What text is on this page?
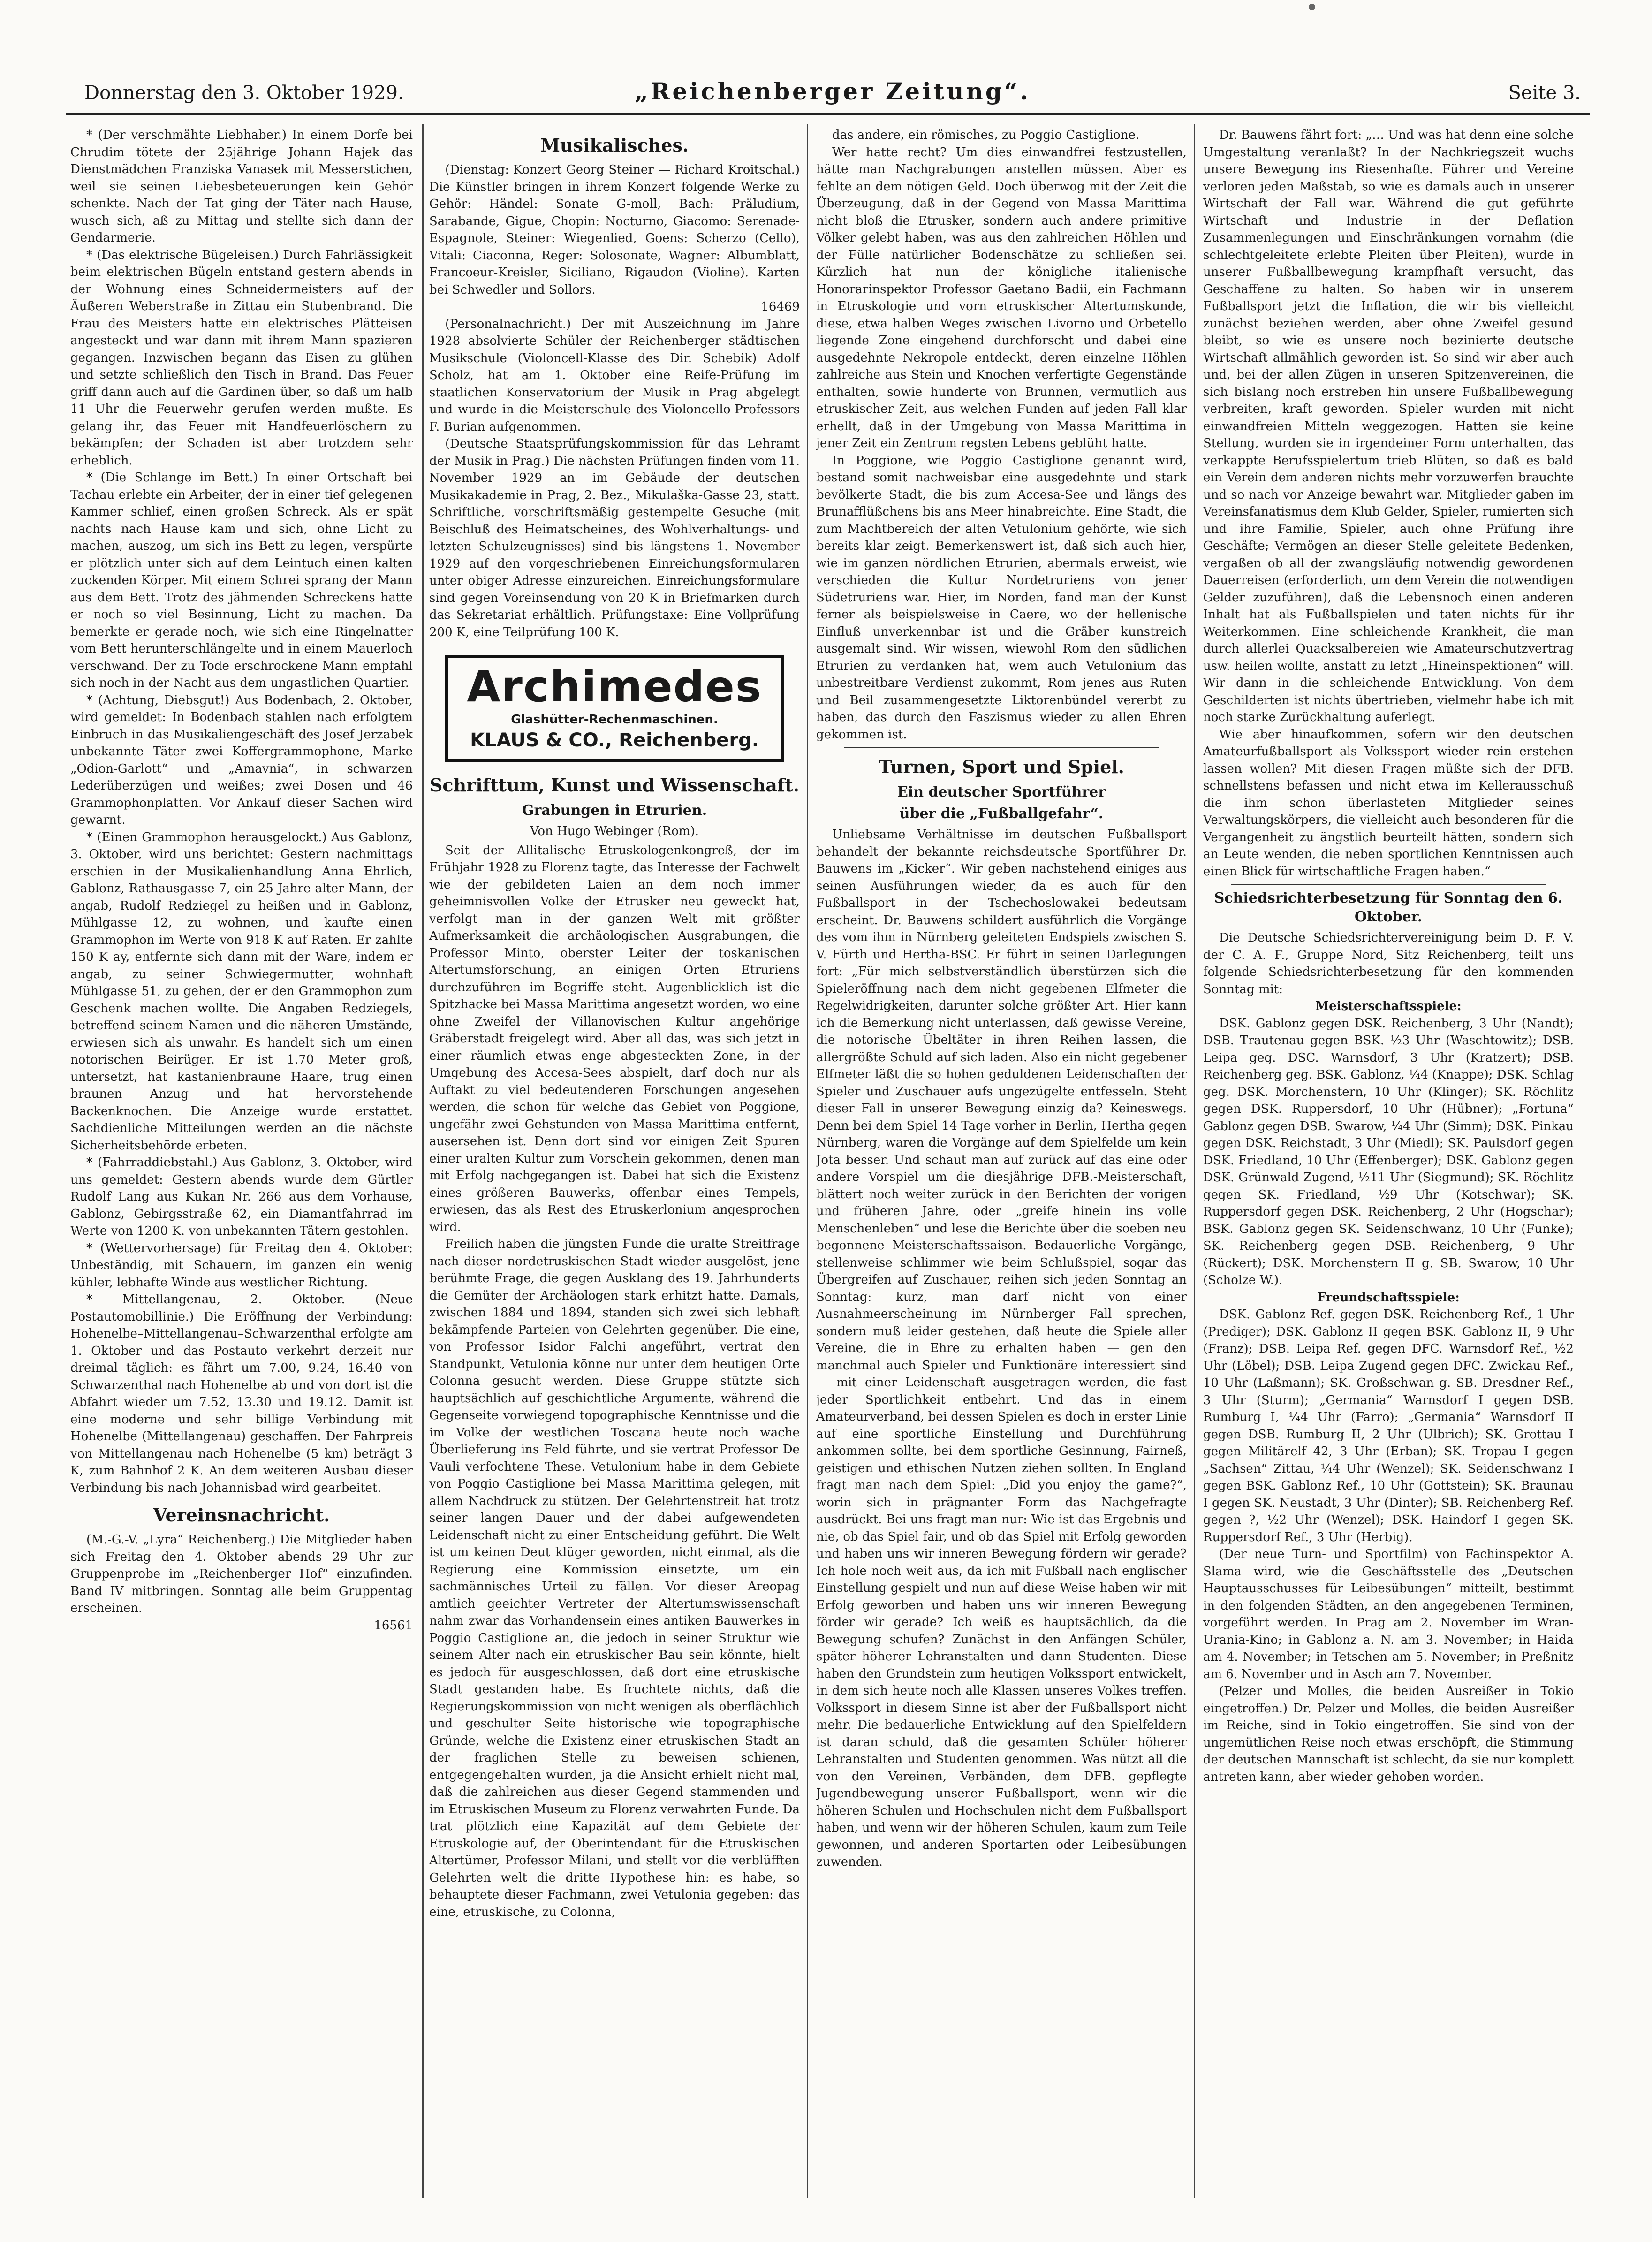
Donnerstag den 3. Oktober 1929.	„Reichenberger Zeitung“.	Seite 3.

* (Der verschmähte Liebhaber.) In einem Dorfe bei Chrudim tötete der 25jährige Johann Hajek das Dienstmädchen Franziska Vanasek mit Messerstichen, weil sie seinen Liebesbeteuerungen kein Gehör schenkte. Nach der Tat ging der Täter nach Hause, wusch sich, aß zu Mittag und stellte sich dann der Gendarmerie.

* (Das elektrische Bügeleisen.) Durch Fahrlässigkeit beim elektrischen Bügeln entstand gestern abends in der Wohnung eines Schneidermeisters auf der Äußeren Weberstraße in Zittau ein Stubenbrand. Die Frau des Meisters hatte ein elektrisches Plätteisen angesteckt und war dann mit ihrem Mann spazieren gegangen. Inzwischen begann das Eisen zu glühen und setzte schließlich den Tisch in Brand. Das Feuer griff dann auch auf die Gardinen über, so daß um halb 11 Uhr die Feuerwehr gerufen werden mußte. Es gelang ihr, das Feuer mit Handfeuerlöschern zu bekämpfen; der Schaden ist aber trotzdem sehr erheblich.

* (Die Schlange im Bett.) In einer Ortschaft bei Tachau erlebte ein Arbeiter, der in einer tief gelegenen Kammer schlief, einen großen Schreck. Als er spät nachts nach Hause kam und sich, ohne Licht zu machen, auszog, um sich ins Bett zu legen, verspürte er plötzlich unter sich auf dem Leintuch einen kalten zuckenden Körper. Mit einem Schrei sprang der Mann aus dem Bett. Trotz des jähmenden Schreckens hatte er noch so viel Besinnung, Licht zu machen. Da bemerkte er gerade noch, wie sich eine Ringelnatter vom Bett herunterschlängelte und in einem Mauerloch verschwand. Der zu Tode erschrockene Mann empfahl sich noch in der Nacht aus dem ungastlichen Quartier.

* (Achtung, Diebsgut!) Aus Bodenbach, 2. Oktober, wird gemeldet: In Bodenbach stahlen nach erfolgtem Einbruch in das Musikaliengeschäft des Josef Jerzabek unbekannte Täter zwei Koffergrammophone, Marke „Odion-Garlott“ und „Amavnia“, in schwarzen Lederüberzügen und weißes; zwei Dosen und 46 Grammophonplatten. Vor Ankauf dieser Sachen wird gewarnt.

* (Einen Grammophon herausgelockt.) Aus Gablonz, 3. Oktober, wird uns berichtet: Gestern nachmittags erschien in der Musikalienhandlung Anna Ehrlich, Gablonz, Rathausgasse 7, ein 25 Jahre alter Mann, der angab, Rudolf Redziegel zu heißen und in Gablonz, Mühlgasse 12, zu wohnen, und kaufte einen Grammophon im Werte von 918 K auf Raten. Er zahlte 150 K ay, entfernte sich dann mit der Ware, indem er angab, zu seiner Schwiegermutter, wohnhaft Mühlgasse 51, zu gehen, der er den Grammophon zum Geschenk machen wollte. Die Angaben Redziegels, betreffend seinem Namen und die näheren Umstände, erwiesen sich als unwahr. Es handelt sich um einen notorischen Beirüger. Er ist 1.70 Meter groß, untersetzt, hat kastanienbraune Haare, trug einen braunen Anzug und hat hervorstehende Backenknochen. Die Anzeige wurde erstattet. Sachdienliche Mitteilungen werden an die nächste Sicherheitsbehörde erbeten.

* (Fahrraddiebstahl.) Aus Gablonz, 3. Oktober, wird uns gemeldet: Gestern abends wurde dem Gürtler Rudolf Lang aus Kukan Nr. 266 aus dem Vorhause, Gablonz, Gebirgsstraße 62, ein Diamantfahrrad im Werte von 1200 K. von unbekannten Tätern gestohlen.

* (Wettervorhersage) für Freitag den 4. Oktober: Unbeständig, mit Schauern, im ganzen ein wenig kühler, lebhafte Winde aus westlicher Richtung.

* Mittellangenau, 2. Oktober. (Neue Postautomobillinie.) Die Eröffnung der Verbindung: Hohenelbe–Mittellangenau–Schwarzenthal erfolgte am 1. Oktober und das Postauto verkehrt derzeit nur dreimal täglich: es fährt um 7.00, 9.24, 16.40 von Schwarzenthal nach Hohenelbe ab und von dort ist die Abfahrt wieder um 7.52, 13.30 und 19.12. Damit ist eine moderne und sehr billige Verbindung mit Hohenelbe (Mittellangenau) geschaffen. Der Fahrpreis von Mittellangenau nach Hohenelbe (5 km) beträgt 3 K, zum Bahnhof 2 K. An dem weiteren Ausbau dieser Verbindung bis nach Johannisbad wird gearbeitet.

Vereinsnachricht.

(M.-G.-V. „Lyra“ Reichenberg.) Die Mitglieder haben sich Freitag den 4. Oktober abends 29 Uhr zur Gruppenprobe im „Reichenberger Hof“ einzufinden. Band IV mitbringen. Sonntag alle beim Gruppentag erscheinen.

16561

Musikalisches.

(Dienstag: Konzert Georg Steiner — Richard Kroitschal.) Die Künstler bringen in ihrem Konzert folgende Werke zu Gehör: Händel: Sonate G-moll, Bach: Präludium, Sarabande, Gigue, Chopin: Nocturno, Giacomo: Serenade-Espagnole, Steiner: Wiegenlied, Goens: Scherzo (Cello), Vitali: Ciaconna, Reger: Solosonate, Wagner: Albumblatt, Francoeur-Kreisler, Siciliano, Rigaudon (Violine). Karten bei Schwedler und Sollors.

16469

(Personalnachricht.) Der mit Auszeichnung im Jahre 1928 absolvierte Schüler der Reichenberger städtischen Musikschule (Violoncell-Klasse des Dir. Schebik) Adolf Scholz, hat am 1. Oktober eine Reife-Prüfung im staatlichen Konservatorium der Musik in Prag abgelegt und wurde in die Meisterschule des Violoncello-Professors F. Burian aufgenommen.

(Deutsche Staatsprüfungskommission für das Lehramt der Musik in Prag.) Die nächsten Prüfungen finden vom 11. November 1929 an im Gebäude der deutschen Musikakademie in Prag, 2. Bez., Mikulaška-Gasse 23, statt. Schriftliche, vorschriftsmäßig gestempelte Gesuche (mit Beischluß des Heimatscheines, des Wohlverhaltungs- und letzten Schulzeugnisses) sind bis längstens 1. November 1929 auf den vorgeschriebenen Einreichungsformularen unter obiger Adresse einzureichen. Einreichungsformulare sind gegen Voreinsendung von 20 K in Briefmarken durch das Sekretariat erhältlich. Prüfungstaxe: Eine Vollprüfung 200 K, eine Teilprüfung 100 K.

Archimedes
Glashütter-Rechenmaschinen.
KLAUS & CO., Reichenberg.

Schrifttum, Kunst und Wissenschaft.

Grabungen in Etrurien.

Von Hugo Webinger (Rom).

Seit der Allitalische Etruskologenkongreß, der im Frühjahr 1928 zu Florenz tagte, das Interesse der Fachwelt wie der gebildeten Laien an dem noch immer geheimnisvollen Volke der Etrusker neu geweckt hat, verfolgt man in der ganzen Welt mit größter Aufmerksamkeit die archäologischen Ausgrabungen, die Professor Minto, oberster Leiter der toskanischen Altertumsforschung, an einigen Orten Etruriens durchzuführen im Begriffe steht. Augenblicklich ist die Spitzhacke bei Massa Marittima angesetzt worden, wo eine ohne Zweifel der Villanovischen Kultur angehörige Gräberstadt freigelegt wird. Aber all das, was sich jetzt in einer räumlich etwas enge abgesteckten Zone, in der Umgebung des Accesa-Sees abspielt, darf doch nur als Auftakt zu viel bedeutenderen Forschungen angesehen werden, die schon für welche das Gebiet von Poggione, ungefähr zwei Gehstunden von Massa Marittima entfernt, ausersehen ist. Denn dort sind vor einigen Zeit Spuren einer uralten Kultur zum Vorschein gekommen, denen man mit Erfolg nachgegangen ist. Dabei hat sich die Existenz eines größeren Bauwerks, offenbar eines Tempels, erwiesen, das als Rest des Etruskerlonium angesprochen wird.

Freilich haben die jüngsten Funde die uralte Streitfrage nach dieser nordetruskischen Stadt wieder ausgelöst, jene berühmte Frage, die gegen Ausklang des 19. Jahrhunderts die Gemüter der Archäologen stark erhitzt hatte. Damals, zwischen 1884 und 1894, standen sich zwei sich lebhaft bekämpfende Parteien von Gelehrten gegenüber. Die eine, von Professor Isidor Falchi angeführt, vertrat den Standpunkt, Vetulonia könne nur unter dem heutigen Orte Colonna gesucht werden. Diese Gruppe stützte sich hauptsächlich auf geschichtliche Argumente, während die Gegenseite vorwiegend topographische Kenntnisse und die im Volke der westlichen Toscana heute noch wache Überlieferung ins Feld führte, und sie vertrat Professor De Vauli verfochtene These. Vetulonium habe in dem Gebiete von Poggio Castiglione bei Massa Marittima gelegen, mit allem Nachdruck zu stützen. Der Gelehrtenstreit hat trotz seiner langen Dauer und der dabei aufgewendeten Leidenschaft nicht zu einer Entscheidung geführt. Die Welt ist um keinen Deut klüger geworden, nicht einmal, als die Regierung eine Kommission einsetzte, um ein sachmännisches Urteil zu fällen. Vor dieser Areopag amtlich geeichter Vertreter der Altertumswissenschaft nahm zwar das Vorhandensein eines antiken Bauwerkes in Poggio Castiglione an, die jedoch in seiner Struktur wie seinem Alter nach ein etruskischer Bau sein könnte, hielt es jedoch für ausgeschlossen, daß dort eine etruskische Stadt gestanden habe. Es fruchtete nichts, daß die Regierungskommission von nicht wenigen als oberflächlich und geschulter Seite historische wie topographische Gründe, welche die Existenz einer etruskischen Stadt an der fraglichen Stelle zu beweisen schienen, entgegengehalten wurden, ja die Ansicht erhielt nicht mal, daß die zahlreichen aus dieser Gegend stammenden und im Etruskischen Museum zu Florenz verwahrten Funde. Da trat plötzlich eine Kapazität auf dem Gebiete der Etruskologie auf, der Oberintendant für die Etruskischen Altertümer, Professor Milani, und stellt vor die verblüfften Gelehrten welt die dritte Hypothese hin: es habe, so behauptete dieser Fachmann, zwei Vetulonia gegeben: das eine, etruskische, zu Colonna,

das andere, ein römisches, zu Poggio Castiglione.

Wer hatte recht? Um dies einwandfrei festzustellen, hätte man Nachgrabungen anstellen müssen. Aber es fehlte an dem nötigen Geld. Doch überwog mit der Zeit die Überzeugung, daß in der Gegend von Massa Marittima nicht bloß die Etrusker, sondern auch andere primitive Völker gelebt haben, was aus den zahlreichen Höhlen und der Fülle natürlicher Bodenschätze zu schließen sei. Kürzlich hat nun der königliche italienische Honorarinspektor Professor Gaetano Badii, ein Fachmann in Etruskologie und vorn etruskischer Altertumskunde, diese, etwa halben Weges zwischen Livorno und Orbetello liegende Zone eingehend durchforscht und dabei eine ausgedehnte Nekropole entdeckt, deren einzelne Höhlen zahlreiche aus Stein und Knochen verfertigte Gegenstände enthalten, sowie hunderte von Brunnen, vermutlich aus etruskischer Zeit, aus welchen Funden auf jeden Fall klar erhellt, daß in der Umgebung von Massa Marittima in jener Zeit ein Zentrum regsten Lebens geblüht hatte.

In Poggione, wie Poggio Castiglione genannt wird, bestand somit nachweisbar eine ausgedehnte und stark bevölkerte Stadt, die bis zum Accesa-See und längs des Brunafflüßchens bis ans Meer hinabreichte. Eine Stadt, die zum Machtbereich der alten Vetulonium gehörte, wie sich bereits klar zeigt. Bemerkenswert ist, daß sich auch hier, wie im ganzen nördlichen Etrurien, abermals erweist, wie verschieden die Kultur Nordetruriens von jener Südetruriens war. Hier, im Norden, fand man der Kunst ferner als beispielsweise in Caere, wo der hellenische Einfluß unverkennbar ist und die Gräber kunstreich ausgemalt sind. Wir wissen, wiewohl Rom den südlichen Etrurien zu verdanken hat, wem auch Vetulonium das unbestreitbare Verdienst zukommt, Rom jenes aus Ruten und Beil zusammengesetzte Liktorenbündel vererbt zu haben, das durch den Faszismus wieder zu allen Ehren gekommen ist.

Turnen, Sport und Spiel.

Ein deutscher Sportführer

über die „Fußballgefahr“.

Unliebsame Verhältnisse im deutschen Fußballsport behandelt der bekannte reichsdeutsche Sportführer Dr. Bauwens im „Kicker“. Wir geben nachstehend einiges aus seinen Ausführungen wieder, da es auch für den Fußballsport in der Tschechoslowakei bedeutsam erscheint. Dr. Bauwens schildert ausführlich die Vorgänge des vom ihm in Nürnberg geleiteten Endspiels zwischen S. V. Fürth und Hertha-BSC. Er führt in seinen Darlegungen fort: „Für mich selbstverständlich überstürzen sich die Spieleröffnung nach dem nicht gegebenen Elfmeter die Regelwidrigkeiten, darunter solche größter Art. Hier kann ich die Bemerkung nicht unterlassen, daß gewisse Vereine, die notorische Übeltäter in ihren Reihen lassen, die allergrößte Schuld auf sich laden. Also ein nicht gegebener Elfmeter läßt die so hohen geduldenen Leidenschaften der Spieler und Zuschauer aufs ungezügelte entfesseln. Steht dieser Fall in unserer Bewegung einzig da? Keineswegs. Denn bei dem Spiel 14 Tage vorher in Berlin, Hertha gegen Nürnberg, waren die Vorgänge auf dem Spielfelde um kein Jota besser. Und schaut man auf zurück auf das eine oder andere Vorspiel um die diesjährige DFB.-Meisterschaft, blättert noch weiter zurück in den Berichten der vorigen und früheren Jahre, oder „greife hinein ins volle Menschenleben“ und lese die Berichte über die soeben neu begonnene Meisterschaftssaison. Bedauerliche Vorgänge, stellenweise schlimmer wie beim Schlußspiel, sogar das Übergreifen auf Zuschauer, reihen sich jeden Sonntag an Sonntag: kurz, man darf nicht von einer Ausnahmeerscheinung im Nürnberger Fall sprechen, sondern muß leider gestehen, daß heute die Spiele aller Vereine, die in Ehre zu erhalten haben — gen den manchmal auch Spieler und Funktionäre interessiert sind — mit einer Leidenschaft ausgetragen werden, die fast jeder Sportlichkeit entbehrt. Und das in einem Amateurverband, bei dessen Spielen es doch in erster Linie auf eine sportliche Einstellung und Durchführung ankommen sollte, bei dem sportliche Gesinnung, Fairneß, geistigen und ethischen Nutzen ziehen sollten. In England fragt man nach dem Spiel: „Did you enjoy the game?“, worin sich in prägnanter Form das Nachgefragte ausdrückt. Bei uns fragt man nur: Wie ist das Ergebnis und nie, ob das Spiel fair, und ob das Spiel mit Erfolg geworden und haben uns wir inneren Bewegung fördern wir gerade? Ich hole noch weit aus, da ich mit Fußball nach englischer Einstellung gespielt und nun auf diese Weise haben wir mit Erfolg geworben und haben uns wir inneren Bewegung förder wir gerade? Ich weiß es hauptsächlich, da die Bewegung schufen? Zunächst in den Anfängen Schüler, später höherer Lehranstalten und dann Studenten. Diese haben den Grundstein zum heutigen Volkssport entwickelt, in dem sich heute noch alle Klassen unseres Volkes treffen. Volkssport in diesem Sinne ist aber der Fußballsport nicht mehr. Die bedauerliche Entwicklung auf den Spielfeldern ist daran schuld, daß die gesamten Schüler höherer Lehranstalten und Studenten genommen. Was nützt all die von den Vereinen, Verbänden, dem DFB. gepflegte Jugendbewegung unserer Fußballsport, wenn wir die höheren Schulen und Hochschulen nicht dem Fußballsport haben, und wenn wir der höheren Schulen, kaum zum Teile gewonnen, und anderen Sportarten oder Leibesübungen zuwenden.

Dr. Bauwens fährt fort: „… Und was hat denn eine solche Umgestaltung veranlaßt? In der Nachkriegszeit wuchs unsere Bewegung ins Riesenhafte. Führer und Vereine verloren jeden Maßstab, so wie es damals auch in unserer Wirtschaft der Fall war. Während die gut geführte Wirtschaft und Industrie in der Deflation Zusammenlegungen und Einschränkungen vornahm (die schlechtgeleitete erlebte Pleiten über Pleiten), wurde in unserer Fußballbewegung krampfhaft versucht, das Geschaffene zu halten. So haben wir in unserem Fußballsport jetzt die Inflation, die wir bis vielleicht zunächst beziehen werden, aber ohne Zweifel gesund bleibt, so wie es unsere noch bezinierte deutsche Wirtschaft allmählich geworden ist. So sind wir aber auch und, bei der allen Zügen in unseren Spitzenvereinen, die sich bislang noch erstreben hin unsere Fußballbewegung verbreiten, kraft geworden. Spieler wurden mit nicht einwandfreien Mitteln weggezogen. Hatten sie keine Stellung, wurden sie in irgendeiner Form unterhalten, das verkappte Berufsspielertum trieb Blüten, so daß es bald ein Verein dem anderen nichts mehr vorzuwerfen brauchte und so nach vor Anzeige bewahrt war. Mitglieder gaben im Vereinsfanatismus dem Klub Gelder, Spieler, rumierten sich und ihre Familie, Spieler, auch ohne Prüfung ihre Geschäfte; Vermögen an dieser Stelle geleitete Bedenken, vergaßen ob all der zwangsläufig notwendig gewordenen Dauerreisen (erforderlich, um dem Verein die notwendigen Gelder zuzuführen), daß die Lebensnoch einen anderen Inhalt hat als Fußballspielen und taten nichts für ihr Weiterkommen. Eine schleichende Krankheit, die man durch allerlei Quacksalbereien wie Amateurschutzvertrag usw. heilen wollte, anstatt zu letzt „Hineinspektionen“ will. Wir dann in die schleichende Entwicklung. Von dem Geschilderten ist nichts übertrieben, vielmehr habe ich mit noch starke Zurückhaltung auferlegt.

Wie aber hinaufkommen, sofern wir den deutschen Amateurfußballsport als Volkssport wieder rein erstehen lassen wollen? Mit diesen Fragen müßte sich der DFB. schnellstens befassen und nicht etwa im Kellerausschuß die ihm schon überlasteten Mitglieder seines Verwaltungskörpers, die vielleicht auch besonderen für die Vergangenheit zu ängstlich beurteilt hätten, sondern sich an Leute wenden, die neben sportlichen Kenntnissen auch einen Blick für wirtschaftliche Fragen haben.“

Schiedsrichterbesetzung für Sonntag den 6. Oktober.

Die Deutsche Schiedsrichtervereinigung beim D. F. V. der C. A. F., Gruppe Nord, Sitz Reichenberg, teilt uns folgende Schiedsrichterbesetzung für den kommenden Sonntag mit:

Meisterschaftsspiele:

DSK. Gablonz gegen DSK. Reichenberg, 3 Uhr (Nandt); DSB. Trautenau gegen BSK. ½3 Uhr (Waschtowitz); DSB. Leipa geg. DSC. Warnsdorf, 3 Uhr (Kratzert); DSB. Reichenberg geg. BSK. Gablonz, ¼4 (Knappe); DSK. Schlag geg. DSK. Morchenstern, 10 Uhr (Klinger); SK. Röchlitz gegen DSK. Ruppersdorf, 10 Uhr (Hübner); „Fortuna“ Gablonz gegen DSB. Swarow, ¼4 Uhr (Simm); DSK. Pinkau gegen DSK. Reichstadt, 3 Uhr (Miedl); SK. Paulsdorf gegen DSK. Friedland, 10 Uhr (Effenberger); DSK. Gablonz gegen DSK. Grünwald Zugend, ½11 Uhr (Siegmund); SK. Röchlitz gegen SK. Friedland, ½9 Uhr (Kotschwar); SK. Ruppersdorf gegen DSK. Reichenberg, 2 Uhr (Hogschar); BSK. Gablonz gegen SK. Seidenschwanz, 10 Uhr (Funke); SK. Reichenberg gegen DSB. Reichenberg, 9 Uhr (Rückert); DSK. Morchenstern II g. SB. Swarow, 10 Uhr (Scholze W.).

Freundschaftsspiele:

DSK. Gablonz Ref. gegen DSK. Reichenberg Ref., 1 Uhr (Prediger); DSK. Gablonz II gegen BSK. Gablonz II, 9 Uhr (Franz); DSB. Leipa Ref. gegen DFC. Warnsdorf Ref., ½2 Uhr (Löbel); DSB. Leipa Zugend gegen DFC. Zwickau Ref., 10 Uhr (Laßmann); SK. Großschwan g. SB. Dresdner Ref., 3 Uhr (Sturm); „Germania“ Warnsdorf I gegen DSB. Rumburg I, ¼4 Uhr (Farro); „Germania“ Warnsdorf II gegen DSB. Rumburg II, 2 Uhr (Ulbrich); SK. Grottau I gegen Militärelf 42, 3 Uhr (Erban); SK. Tropau I gegen „Sachsen“ Zittau, ¼4 Uhr (Wenzel); SK. Seidenschwanz I gegen BSK. Gablonz Ref., 10 Uhr (Gottstein); SK. Braunau I gegen SK. Neustadt, 3 Uhr (Dinter); SB. Reichenberg Ref. gegen ?, ½2 Uhr (Wenzel); DSK. Haindorf I gegen SK. Ruppersdorf Ref., 3 Uhr (Herbig).

(Der neue Turn- und Sportfilm) von Fachinspektor A. Slama wird, wie die Geschäftsstelle des „Deutschen Hauptausschusses für Leibesübungen“ mitteilt, bestimmt in den folgenden Städten, an den angegebenen Terminen, vorgeführt werden. In Prag am 2. November im Wran-Urania-Kino; in Gablonz a. N. am 3. November; in Haida am 4. November; in Tetschen am 5. November; in Preßnitz am 6. November und in Asch am 7. November.

(Pelzer und Molles, die beiden Ausreißer in Tokio eingetroffen.) Dr. Pelzer und Molles, die beiden Ausreißer im Reiche, sind in Tokio eingetroffen. Sie sind von der ungemütlichen Reise noch etwas erschöpft, die Stimmung der deutschen Mannschaft ist schlecht, da sie nur komplett antreten kann, aber wieder gehoben worden.
